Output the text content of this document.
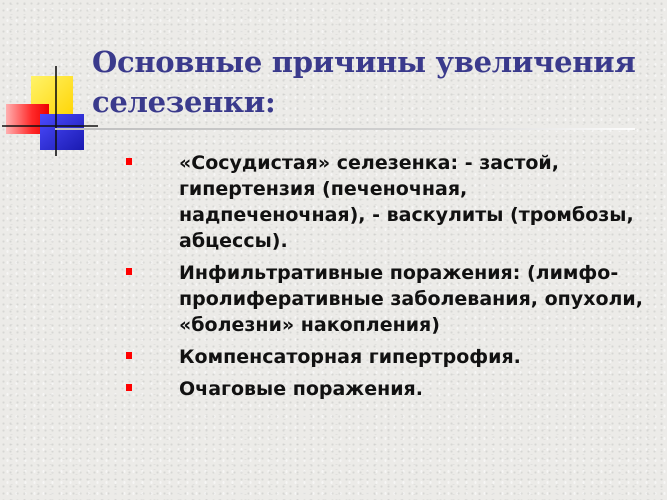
Основные причины увеличения селезенки:
«Сосудистая» селезенка: - застой, гипертензия (печеночная, надпеченочная), - васкулиты (тромбозы, абцессы).
Инфильтративные поражения: (лимфо-пролиферативные заболевания, опухоли, «болезни» накопления)
Компенсаторная гипертрофия.
Очаговые поражения.
